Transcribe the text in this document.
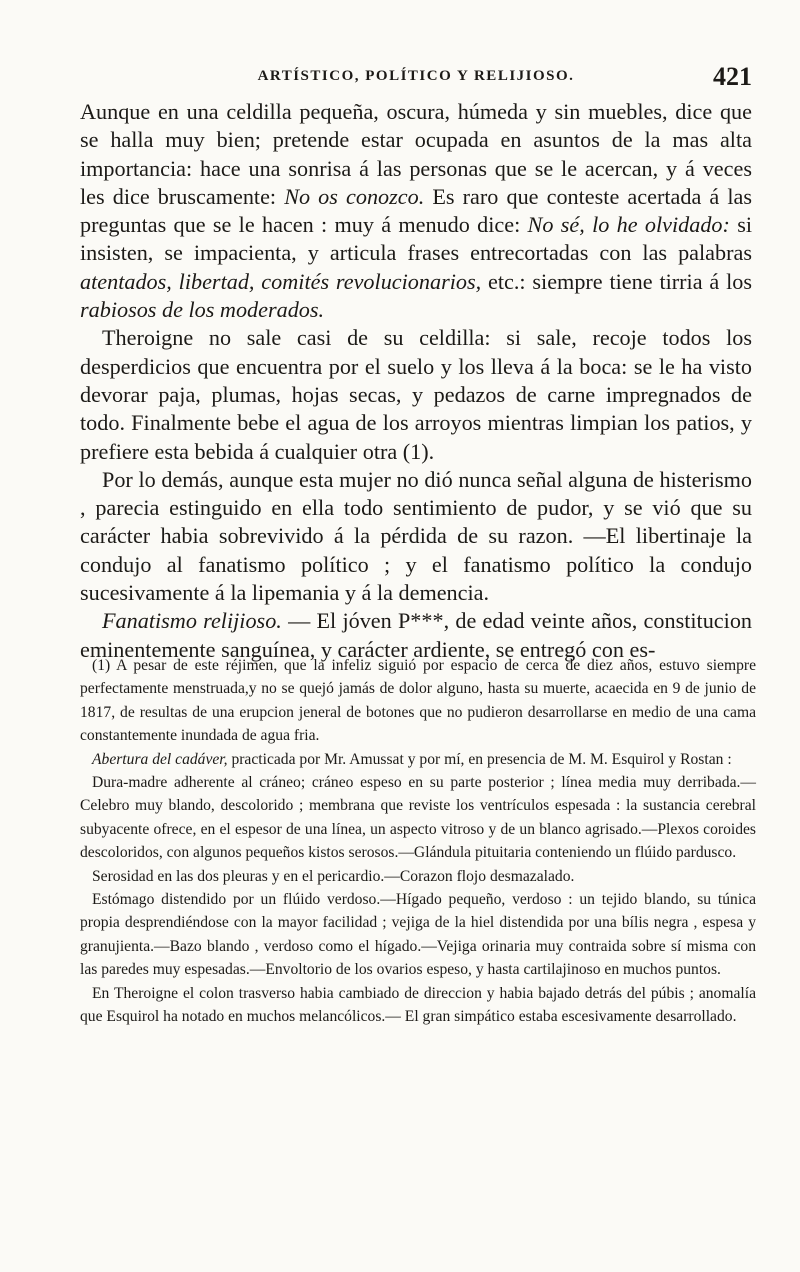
ARTÍSTICO, POLÍTICO Y RELIJIOSO.	421

Aunque en una celdilla pequeña, oscura, húmeda y sin muebles, dice que se halla muy bien; pretende estar ocupada en asuntos de la mas alta importancia: hace una sonrisa á las personas que se le acercan, y á veces les dice bruscamente: No os conozco. Es raro que conteste acertada á las preguntas que se le hacen : muy á menudo dice: No sé, lo he olvidado: si insisten, se impacienta, y articula frases entrecortadas con las palabras atentados, libertad, comités revolucionarios, etc.: siempre tiene tirria á los rabiosos de los moderados.

Theroigne no sale casi de su celdilla: si sale, recoje todos los desperdicios que encuentra por el suelo y los lleva á la boca: se le ha visto devorar paja, plumas, hojas secas, y pedazos de carne impregnados de todo. Finalmente bebe el agua de los arroyos mientras limpian los patios, y prefiere esta bebida á cualquier otra (1).

Por lo demás, aunque esta mujer no dió nunca señal alguna de histerismo , parecia estinguido en ella todo sentimiento de pudor, y se vió que su carácter habia sobrevivido á la pérdida de su razon. —El libertinaje la condujo al fanatismo político ; y el fanatismo político la condujo sucesivamente á la lipemania y á la demencia.

Fanatismo relijioso. — El jóven P***, de edad veinte años, constitucion eminentemente sanguínea, y carácter ardiente, se entregó con es-

(1) A pesar de este réjimen, que la infeliz siguió por espacio de cerca de diez años, estuvo siempre perfectamente menstruada,y no se quejó jamás de dolor alguno, hasta su muerte, acaecida en 9 de junio de 1817, de resultas de una erupcion jeneral de botones que no pudieron desarrollarse en medio de una cama constantemente inundada de agua fria.

Abertura del cadáver, practicada por Mr. Amussat y por mí, en presencia de M. M. Esquirol y Rostan :

Dura-madre adherente al cráneo; cráneo espeso en su parte posterior ; línea media muy derribada.—Celebro muy blando, descolorido ; membrana que reviste los ventrículos espesada : la sustancia cerebral subyacente ofrece, en el espesor de una línea, un aspecto vitroso y de un blanco agrisado.—Plexos coroides descoloridos, con algunos pequeños kistos serosos.—Glándula pituitaria conteniendo un flúido pardusco.

Serosidad en las dos pleuras y en el pericardio.—Corazon flojo desmazalado.

Estómago distendido por un flúido verdoso.—Hígado pequeño, verdoso : un tejido blando, su túnica propia desprendiéndose con la mayor facilidad ; vejiga de la hiel distendida por una bílis negra , espesa y granujienta.—Bazo blando , verdoso como el hígado.—Vejiga orinaria muy contraida sobre sí misma con las paredes muy espesadas.—Envoltorio de los ovarios espeso, y hasta cartilajinoso en muchos puntos.

En Theroigne el colon trasverso habia cambiado de direccion y habia bajado detrás del púbis ; anomalía que Esquirol ha notado en muchos melancólicos.— El gran simpático estaba escesivamente desarrollado.
